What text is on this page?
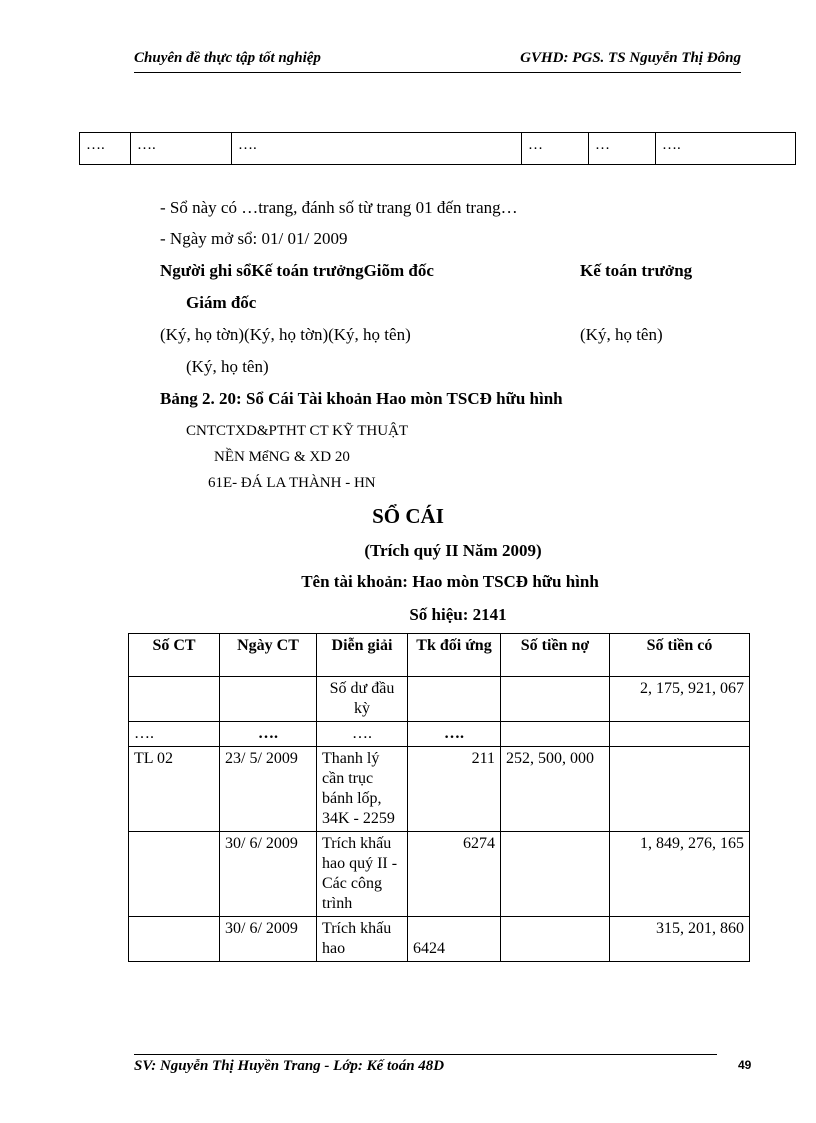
Chuyên đề thực tập tốt nghiệp	GVHD: PGS. TS Nguyễn Thị Đông
….	….	….	…	…	….
- Sổ này có …trang, đánh số từ trang 01 đến trang…
- Ngày mở sổ: 01/ 01/ 2009
Người ghi sổKế toán trưởngGiõm đốc	Kế toán trưởng
Giám đốc
(Ký, họ tờn)(Ký, họ tờn)(Ký, họ tên)	(Ký, họ tên)
(Ký, họ tên)
Bảng 2. 20: Sổ Cái Tài khoản Hao mòn TSCĐ hữu hình
CNTCTXD&PTHT CT KỸ THUẬT
NỀN MểNG & XD 20
61E- ĐÁ LA THÀNH - HN
SỔ CÁI
(Trích quý II Năm 2009)
Tên tài khoản: Hao mòn TSCĐ hữu hình
Số hiệu: 2141
Số CT	Ngày CT	Diễn giải	Tk đối ứng	Số tiền nợ	Số tiền có
		Số dư đầu kỳ			2, 175, 921, 067
….	….	….	….		
TL 02	23/ 5/ 2009	Thanh lý cần trục bánh lốp, 34K - 2259	211	252, 500, 000	
	30/ 6/ 2009	Trích khấu hao quý II - Các công trình	6274		1, 849, 276, 165
	30/ 6/ 2009	Trích khấu hao	6424		315, 201, 860
SV: Nguyễn Thị Huyền Trang - Lớp: Kế toán 48D	49
